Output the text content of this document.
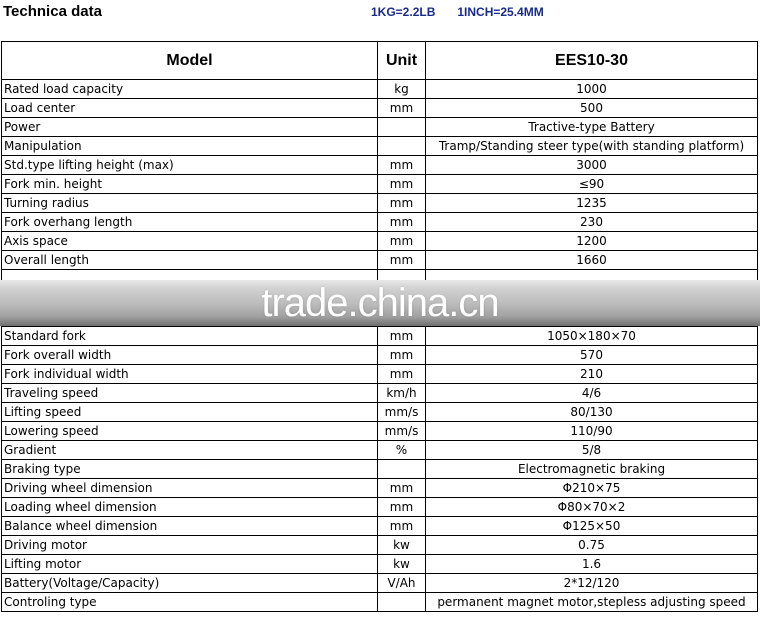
Technica data	1KG=2.2LB 1INCH=25.4MM
Model	Unit	EES10-30
Rated load capacity	kg	1000
Load center	mm	500
Power		Tractive-type Battery
Manipulation		Tramp/Standing steer type(with standing platform)
Std.type lifting height (max)	mm	3000
Fork min. height	mm	≤90
Turning radius	mm	1235
Fork overhang length	mm	230
Axis space	mm	1200
Overall length	mm	1660

Standard fork	mm	1050×180×70
Fork overall width	mm	570
Fork individual width	mm	210
Traveling speed	km/h	4/6
Lifting speed	mm/s	80/130
Lowering speed	mm/s	110/90
Gradient	%	5/8
Braking type		Electromagnetic braking
Driving wheel dimension	mm	Φ210×75
Loading wheel dimension	mm	Φ80×70×2
Balance wheel dimension	mm	Φ125×50
Driving motor	kw	0.75
Lifting motor	kw	1.6
Battery(Voltage/Capacity)	V/Ah	2*12/120
Controling type		permanent magnet motor,stepless adjusting speed
trade.china.cn
